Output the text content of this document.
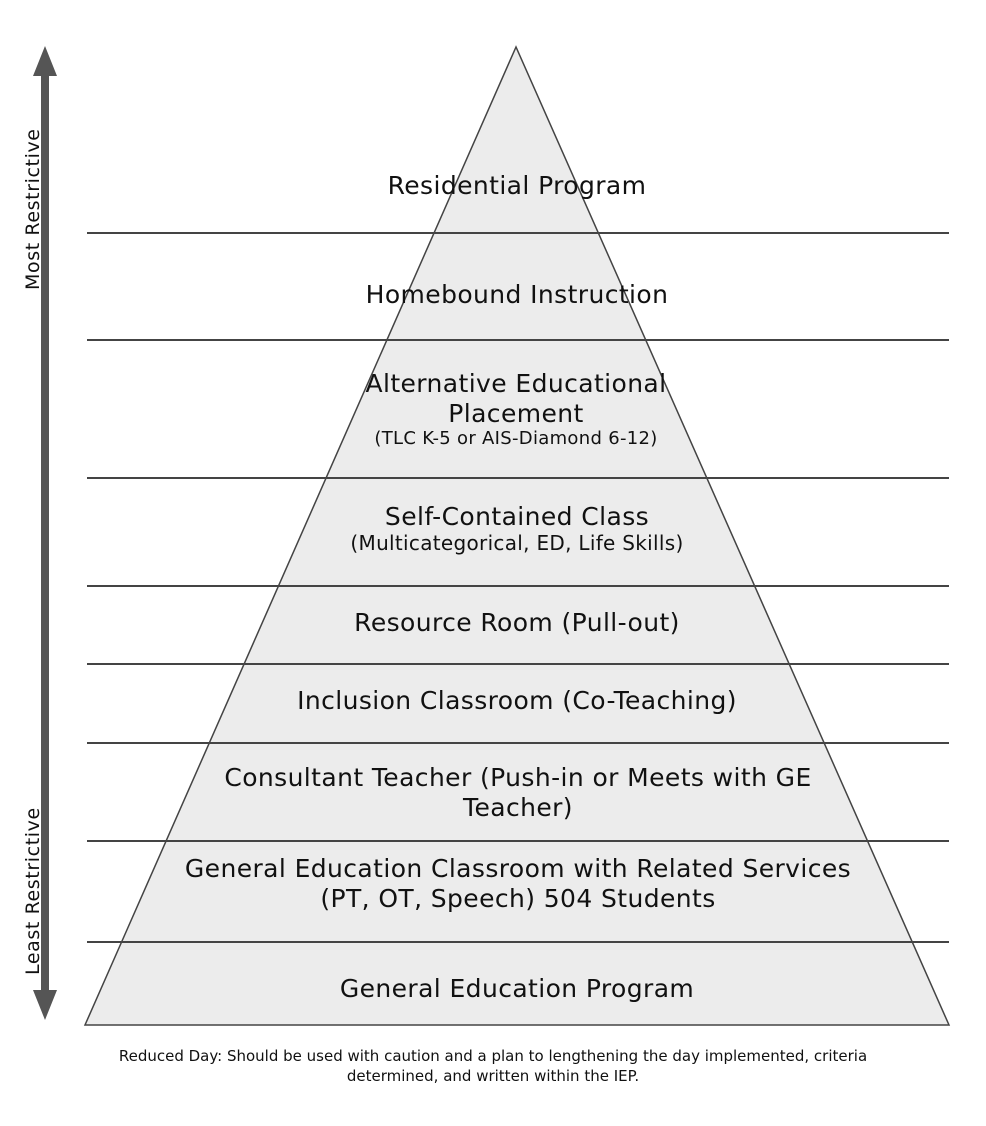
Most Restrictive
Least Restrictive
Residential Program
Homebound Instruction
Alternative Educational Placement
(TLC K-5 or AIS-Diamond 6-12)
Self-Contained Class
(Multicategorical, ED, Life Skills)
Resource Room (Pull-out)
Inclusion Classroom (Co-Teaching)
Consultant Teacher (Push-in or Meets with GE Teacher)
General Education Classroom with Related Services (PT, OT, Speech) 504 Students
General Education Program
Reduced Day: Should be used with caution and a plan to lengthening the day implemented, criteria determined, and written within the IEP.
